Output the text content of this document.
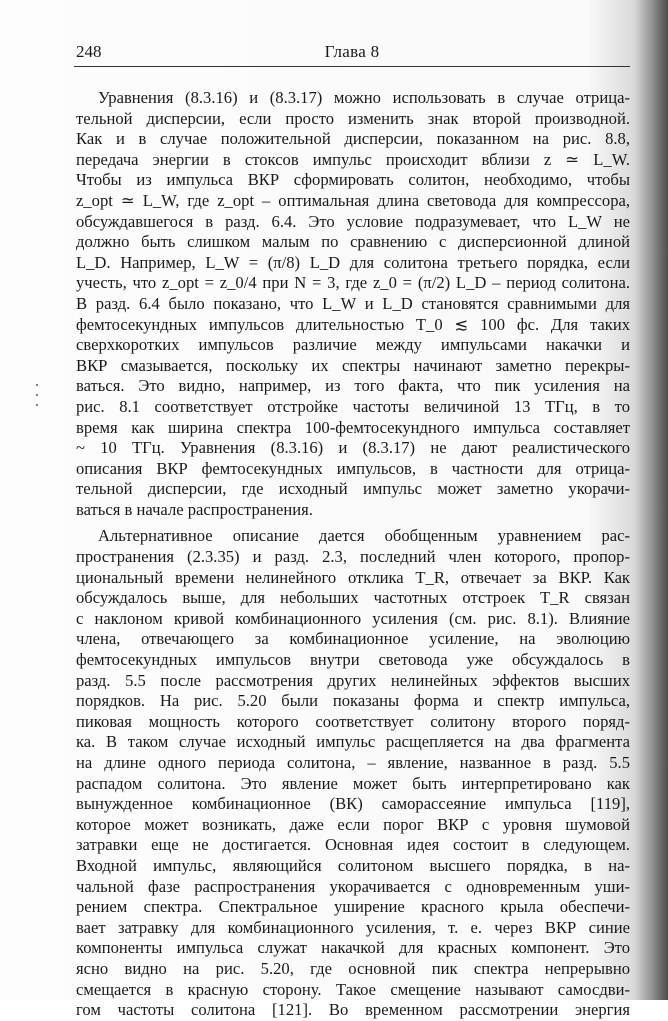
248	Глава 8
Уравнения (8.3.16) и (8.3.17) можно использовать в случае отрица-
тельной дисперсии, если просто изменить знак второй производной.
Как и в случае положительной дисперсии, показанном на рис. 8.8,
передача энергии в стоксов импульс происходит вблизи z ≃ L_W.
Чтобы из импульса ВКР сформировать солитон, необходимо, чтобы
z_opt ≃ L_W, где z_opt – оптимальная длина световода для компрессора,
обсуждавшегося в разд. 6.4. Это условие подразумевает, что L_W не
должно быть слишком малым по сравнению с дисперсионной длиной
L_D. Например, L_W = (π/8) L_D для солитона третьего порядка, если
учесть, что z_opt = z_0/4 при N = 3, где z_0 = (π/2) L_D – период солитона.
В разд. 6.4 было показано, что L_W и L_D становятся сравнимыми для
фемтосекундных импульсов длительностью T_0 ≲ 100 фс. Для таких
сверхкоротких импульсов различие между импульсами накачки и
ВКР смазывается, поскольку их спектры начинают заметно перекры-
ваться. Это видно, например, из того факта, что пик усиления на
рис. 8.1 соответствует отстройке частоты величиной 13 ТГц, в то
время как ширина спектра 100-фемтосекундного импульса составляет
~ 10 ТГц. Уравнения (8.3.16) и (8.3.17) не дают реалистического
описания ВКР фемтосекундных импульсов, в частности для отрица-
тельной дисперсии, где исходный импульс может заметно укорачи-
ваться в начале распространения.
Альтернативное описание дается обобщенным уравнением рас-
пространения (2.3.35) и разд. 2.3, последний член которого, пропор-
циональный времени нелинейного отклика T_R, отвечает за ВКР. Как
обсуждалось выше, для небольших частотных отстроек T_R связан
с наклоном кривой комбинационного усиления (см. рис. 8.1). Влияние
члена, отвечающего за комбинационное усиление, на эволюцию
фемтосекундных импульсов внутри световода уже обсуждалось в
разд. 5.5 после рассмотрения других нелинейных эффектов высших
порядков. На рис. 5.20 были показаны форма и спектр импульса,
пиковая мощность которого соответствует солитону второго поряд-
ка. В таком случае исходный импульс расщепляется на два фрагмента
на длине одного периода солитона, – явление, названное в разд. 5.5
распадом солитона. Это явление может быть интерпретировано как
вынужденное комбинационное (ВК) саморассеяние импульса [119],
которое может возникать, даже если порог ВКР с уровня шумовой
затравки еще не достигается. Основная идея состоит в следующем.
Входной импульс, являющийся солитоном высшего порядка, в на-
чальной фазе распространения укорачивается с одновременным уши-
рением спектра. Спектральное уширение красного крыла обеспечи-
вает затравку для комбинационного усиления, т. е. через ВКР синие
компоненты импульса служат накачкой для красных компонент. Это
ясно видно на рис. 5.20, где основной пик спектра непрерывно
смещается в красную сторону. Такое смещение называют самосдви-
гом частоты солитона [121]. Во временном рассмотрении энергия
